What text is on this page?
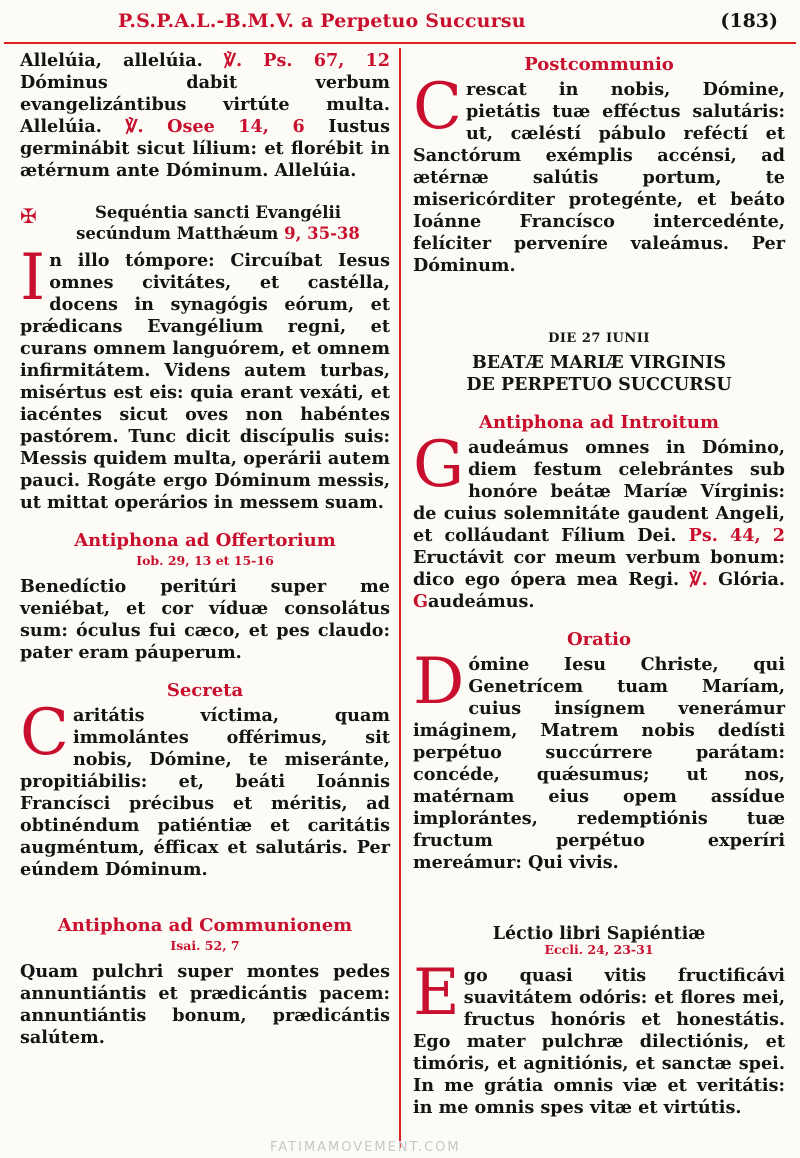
P.S.P.A.L.-B.M.V. a Perpetuo Succursu	(183)

Allelúia, allelúia. ℣. Ps. 67, 12 Dóminus dabit verbum evangelizántibus virtúte multa. Allelúia. ℣. Osee 14, 6 Iustus germinábit sicut lílium: et florébit in ætérnum ante Dóminum. Allelúia.

✠	Sequéntia sancti Evangélii secúndum Matthǽum 9, 35-38

In illo tómpore: Circuíbat Iesus omnes civitátes, et castélla, docens in synagógis eórum, et prǽdicans Evangélium regni, et curans omnem languórem, et omnem infirmitátem. Videns autem turbas, misértus est eis: quia erant vexáti, et iacéntes sicut oves non habéntes pastórem. Tunc dicit discípulis suis: Messis quidem multa, operárii autem pauci. Rogáte ergo Dóminum messis, ut mittat operários in messem suam.

Antiphona ad Offertorium
Iob. 29, 13 et 15-16

Benedíctio peritúri super me veniébat, et cor víduæ consolátus sum: óculus fui cæco, et pes claudo: pater eram páuperum.

Secreta

Caritátis víctima, quam immolántes offérimus, sit nobis, Dómine, te miseránte, propitiábilis: et, beáti Ioánnis Francísci précibus et méritis, ad obtinéndum patiéntiæ et caritátis augméntum, éfficax et salutáris. Per eúndem Dóminum.

Antiphona ad Communionem
Isai. 52, 7

Quam pulchri super montes pedes annuntiántis et prædicántis pacem: annuntiántis bonum, prædicántis salútem.

Postcommunio

Crescat in nobis, Dómine, pietátis tuæ efféctus salutáris: ut, cæléstí pábulo reféctí et Sanctórum exémplis accénsi, ad ætérnæ salútis portum, te misericórditer protegénte, et beáto Ioánne Francísco intercedénte, felíciter perveníre valeámus. Per Dóminum.

DIE 27 IUNII
BEATÆ MARIÆ VIRGINIS
DE PERPETUO SUCCURSU
Antiphona ad Introitum

Gaudeámus omnes in Dómino, diem festum celebrántes sub honóre beátæ Maríæ Vírginis: de cuius solemnitáte gaudent Angeli, et colláudant Fílium Dei. Ps. 44, 2 Eructávit cor meum verbum bonum: dico ego ópera mea Regi. ℣. Glória. Gaudeámus.

Oratio

Dómine Iesu Christe, qui Genetrícem tuam Maríam, cuius insígnem venerámur imáginem, Matrem nobis dedísti perpétuo succúrrere parátam: concéde, quǽsumus; ut nos, matérnam eius opem assídue implorántes, redemptiónis tuæ fructum perpétuo experíri mereámur: Qui vivis.

Léctio libri Sapiéntiæ
Eccli. 24, 23-31

Ego quasi vitis fructificávi suavitátem odóris: et flores mei, fructus honóris et honestátis. Ego mater pulchræ dilectiónis, et timóris, et agnitiónis, et sanctæ spei. In me grátia omnis viæ et veritátis: in me omnis spes vitæ et virtútis.

FATIMAMOVEMENT.COM
